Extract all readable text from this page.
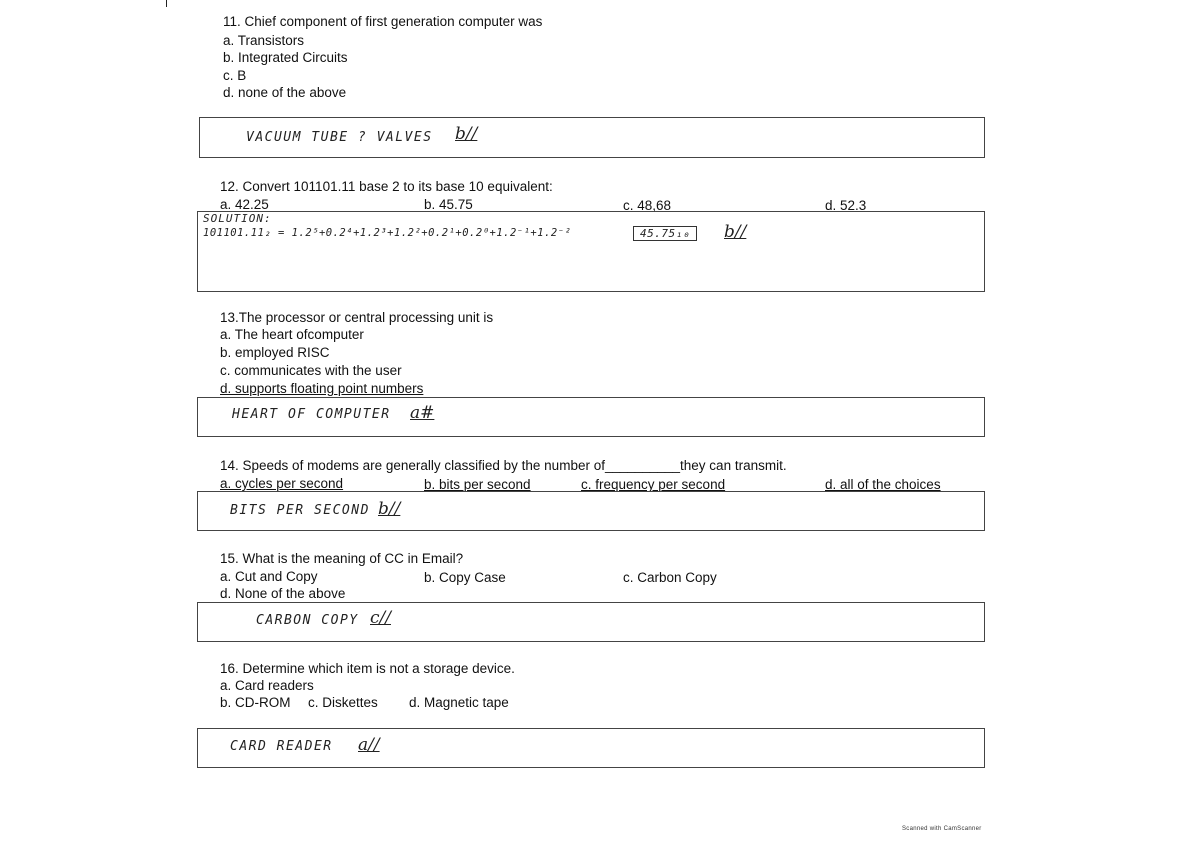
11. Chief component of first generation computer was
a. Transistors
b. Integrated Circuits
c. B
d. none of the above
VACUUM TUBE ? VALVES b//
12. Convert 101101.11 base 2 to its base 10 equivalent:
a. 42.25	b. 45.75	c. 48,68	d. 52.3
SOLUTION:
101101.11₂ = 1.2⁵+0.2⁴+1.2³+1.2²+0.2¹+0.2⁰+1.2⁻¹+1.2⁻²	45.75₁₀	b//
13.The processor or central processing unit is
a. The heart ofcomputer
b. employed RISC
c. communicates with the user
d. supports floating point numbers
HEART OF COMPUTER a#
14. Speeds of modems are generally classified by the number of__________they can transmit.
a. cycles per second	b. bits per second	c. frequency per second	d. all of the choices
BITS PER SECOND b//
15. What is the meaning of CC in Email?
a. Cut and Copy	b. Copy Case	c. Carbon Copy
d. None of the above
CARBON COPY c//
16. Determine which item is not a storage device.
a. Card readers
b. CD-ROM c. Diskettes d. Magnetic tape
CARD READER a//
Scanned with CamScanner
